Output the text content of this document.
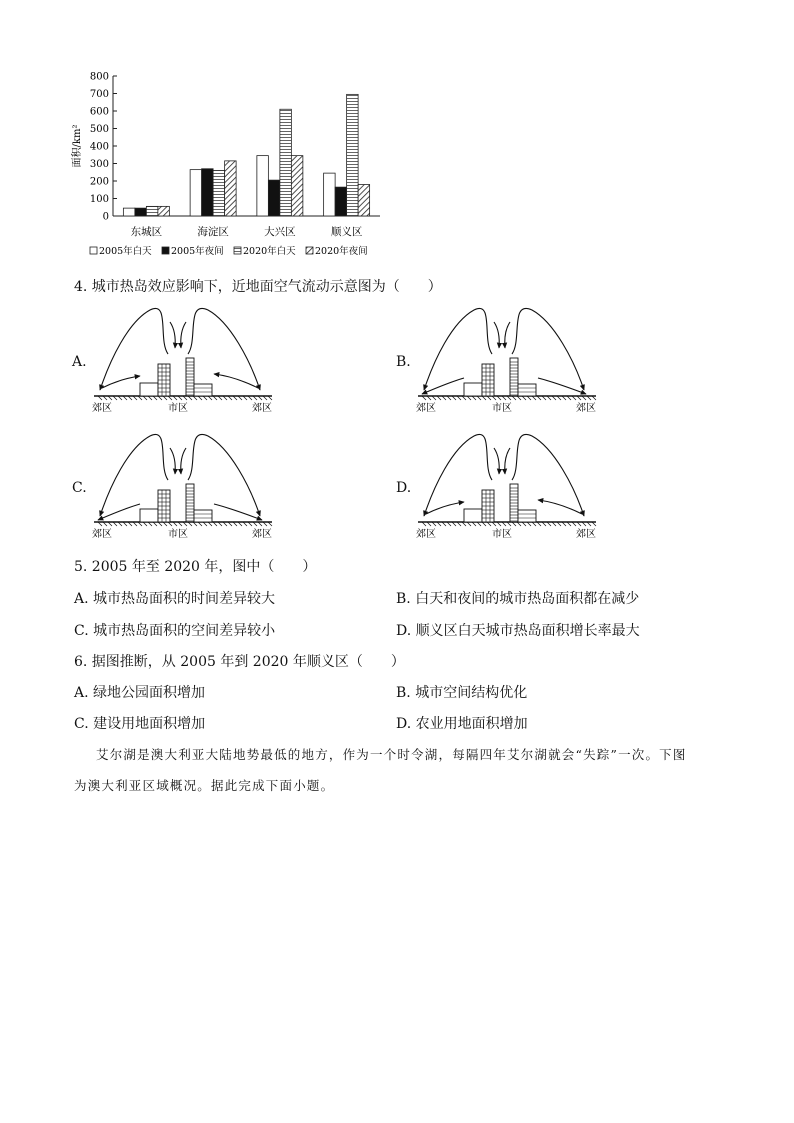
0
100
200
300
400
500
600
700
800
面积/km²
东城区	海淀区	大兴区	顺义区
2005年白天 2005年夜间 2020年白天 2020年夜间
4. 城市热岛效应影响下，近地面空气流动示意图为（　　）
A.
郊区	市区	郊区
B.
郊区	市区	郊区
C.
郊区	市区	郊区
D.
郊区	市区	郊区
5. 2005 年至 2020 年，图中（　　）
A. 城市热岛面积的时间差异较大	B. 白天和夜间的城市热岛面积都在减少
C. 城市热岛面积的空间差异较小	D. 顺义区白天城市热岛面积增长率最大
6. 据图推断，从 2005 年到 2020 年顺义区（　　）
A. 绿地公园面积增加	B. 城市空间结构优化
C. 建设用地面积增加	D. 农业用地面积增加
艾尔湖是澳大利亚大陆地势最低的地方，作为一个时令湖，每隔四年艾尔湖就会“失踪”一次。下图
为澳大利亚区域概况。据此完成下面小题。
